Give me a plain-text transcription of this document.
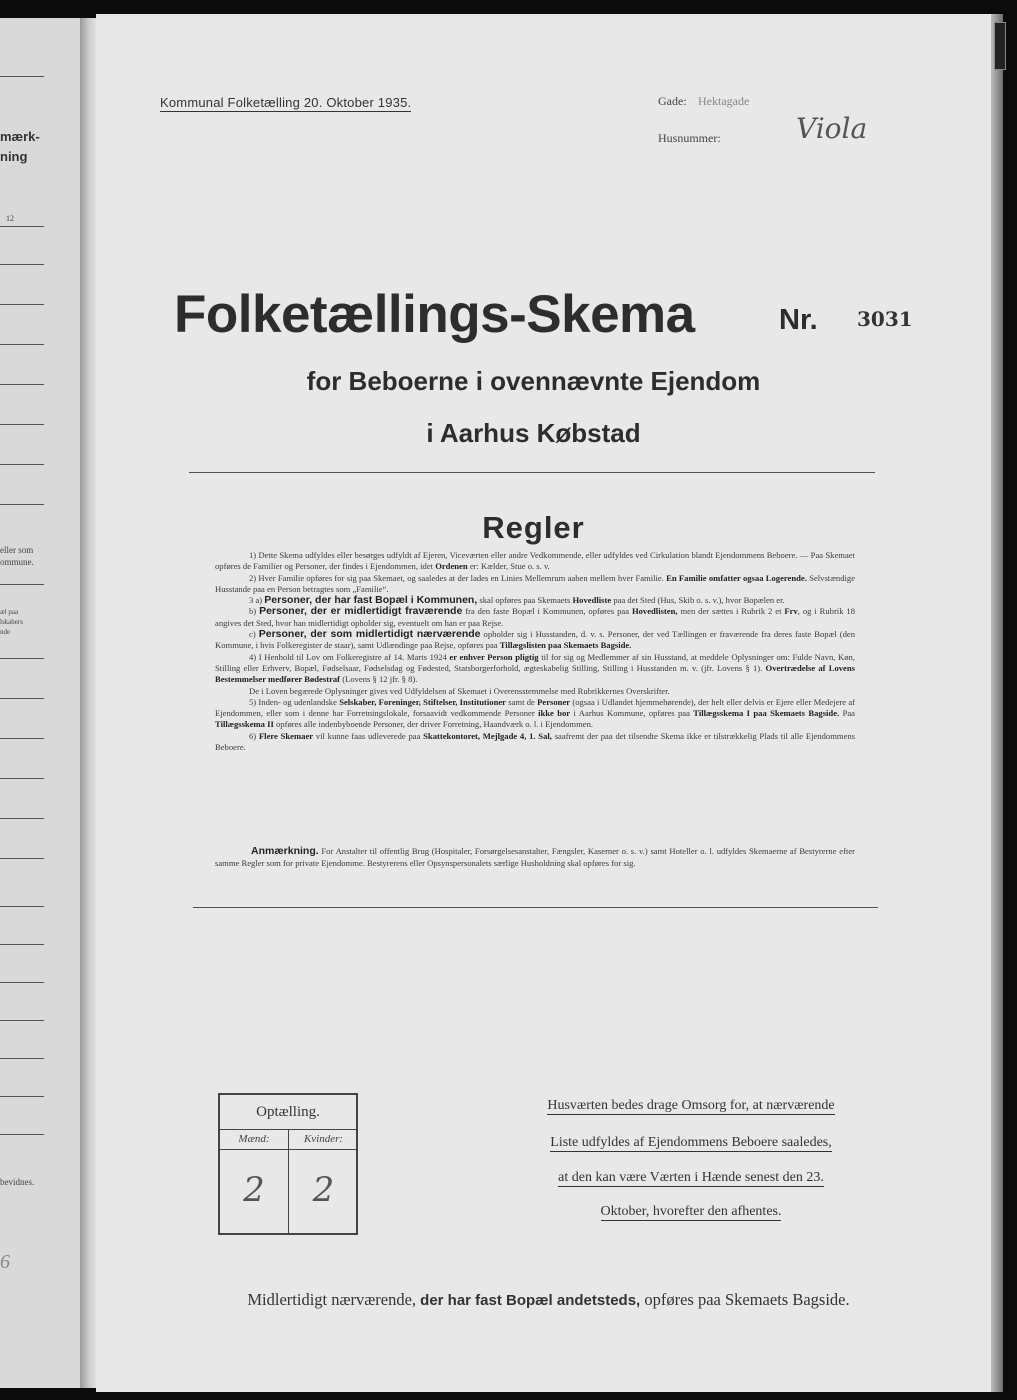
mærk-
ning
12
eller som
ommune.
æl paa
lskabers
nde
bevidnes.
6
Kommunal Folketælling 20. Oktober 1935.	Gade: Hektagade
Husnummer:	Viola
Folketællings-Skema	Nr. 3031
for Beboerne i ovennævnte Ejendom
i Aarhus Købstad
Regler

1) Dette Skema udfyldes eller besørges udfyldt af Ejeren, Viceværten eller andre Vedkommende, eller udfyldes ved Cirkulation blandt Ejendommens Beboere. — Paa Skemaet opføres de Familier og Personer, der findes i Ejendommen, idet Ordenen er: Kælder, Stue o. s. v.

2) Hver Familie opføres for sig paa Skemaet, og saaledes at der lades en Linies Mellemrum aaben mellem hver Familie. En Familie omfatter ogsaa Logerende. Selvstændige Husstande paa en Person betragtes som „Familie“.

3 a) Personer, der har fast Bopæl i Kommunen, skal opføres paa Skemaets Hovedliste paa det Sted (Hus, Skib o. s. v.), hvor Bopælen er.

b) Personer, der er midlertidigt fraværende fra den faste Bopæl i Kommunen, opføres paa Hovedlisten, men der sættes i Rubrik 2 et Frv, og i Rubrik 18 angives det Sted, hvor han midlertidigt opholder sig, eventuelt om han er paa Rejse.

c) Personer, der som midlertidigt nærværende opholder sig i Husstanden, d. v. s. Personer, der ved Tællingen er fraværende fra deres faste Bopæl (den Kommune, i hvis Folkeregister de staar), samt Udlændinge paa Rejse, opføres paa Tillægslisten paa Skemaets Bagside.

4) I Henhold til Lov om Folkeregistre af 14. Marts 1924 er enhver Person pligtig til for sig og Medlemmer af sin Husstand, at meddele Oplysninger om: Fulde Navn, Køn, Stilling eller Erhverv, Bopæl, Fødselsaar, Fødselsdag og Fødested, Statsborgerforhold, ægteskabelig Stilling, Stilling i Husstanden m. v. (jfr. Lovens § 1). Overtrædelse af Lovens Bestemmelser medfører Bødestraf (Lovens § 12 jfr. § 8).

De i Loven begærede Oplysninger gives ved Udfyldelsen af Skemaet i Overensstemmelse med Rubrikkernes Overskrifter.

5) Inden- og udenlandske Selskaber, Foreninger, Stiftelser, Institutioner samt de Personer (ogsaa i Udlandet hjemmehørende), der helt eller delvis er Ejere eller Medejere af Ejendommen, eller som i denne har Forretningslokale, forsaavidt vedkommende Personer ikke bor i Aarhus Kommune, opføres paa Tillægsskema I paa Skemaets Bagside. Paa Tillægsskema II opføres alle indenbyboende Personer, der driver Forretning, Haandværk o. l. i Ejendommen.

6) Flere Skemaer vil kunne faas udleverede paa Skattekontoret, Mejlgade 4, 1. Sal, saafremt der paa det tilsendte Skema ikke er tilstrækkelig Plads til alle Ejendommens Beboere.

Anmærkning. For Anstalter til offentlig Brug (Hospitaler, Forsørgelsesanstalter, Fængsler, Kaserner o. s. v.) samt Hoteller o. l. udfyldes Skemaerne af Bestyrerne efter samme Regler som for private Ejendomme. Bestyrerens eller Opsynspersonalets særlige Husholdning skal opføres for sig.
Optælling.
Mænd:
2
Kvinder:
2
Husværten bedes drage Omsorg for, at nærværende
Liste udfyldes af Ejendommens Beboere saaledes,
at den kan være Værten i Hænde senest den 23.
Oktober, hvorefter den afhentes.
Midlertidigt nærværende, der har fast Bopæl andetsteds, opføres paa Skemaets Bagside.
